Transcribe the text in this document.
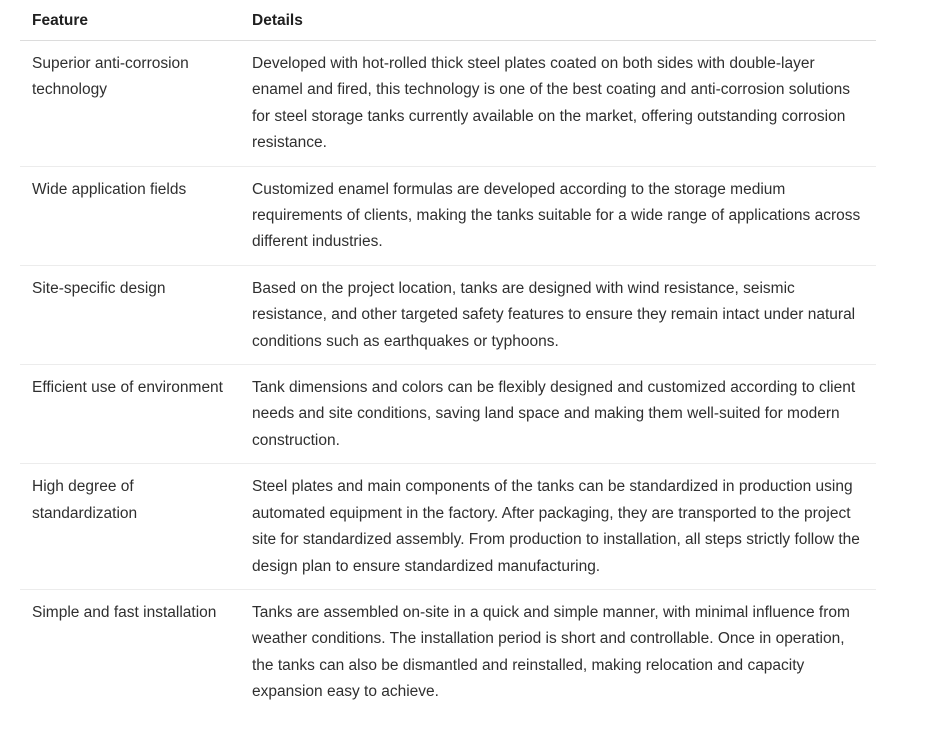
Feature	Details
Superior anti-corrosion technology	Developed with hot-rolled thick steel plates coated on both sides with double-layer enamel and fired, this technology is one of the best coating and anti-corrosion solutions for steel storage tanks currently available on the market, offering outstanding corrosion resistance.
Wide application fields	Customized enamel formulas are developed according to the storage medium requirements of clients, making the tanks suitable for a wide range of applications across different industries.
Site-specific design	Based on the project location, tanks are designed with wind resistance, seismic resistance, and other targeted safety features to ensure they remain intact under natural conditions such as earthquakes or typhoons.
Efficient use of environment	Tank dimensions and colors can be flexibly designed and customized according to client needs and site conditions, saving land space and making them well-suited for modern construction.
High degree of standardization	Steel plates and main components of the tanks can be standardized in production using automated equipment in the factory. After packaging, they are transported to the project site for standardized assembly. From production to installation, all steps strictly follow the design plan to ensure standardized manufacturing.
Simple and fast installation	Tanks are assembled on-site in a quick and simple manner, with minimal influence from weather conditions. The installation period is short and controllable. Once in operation, the tanks can also be dismantled and reinstalled, making relocation and capacity expansion easy to achieve.
